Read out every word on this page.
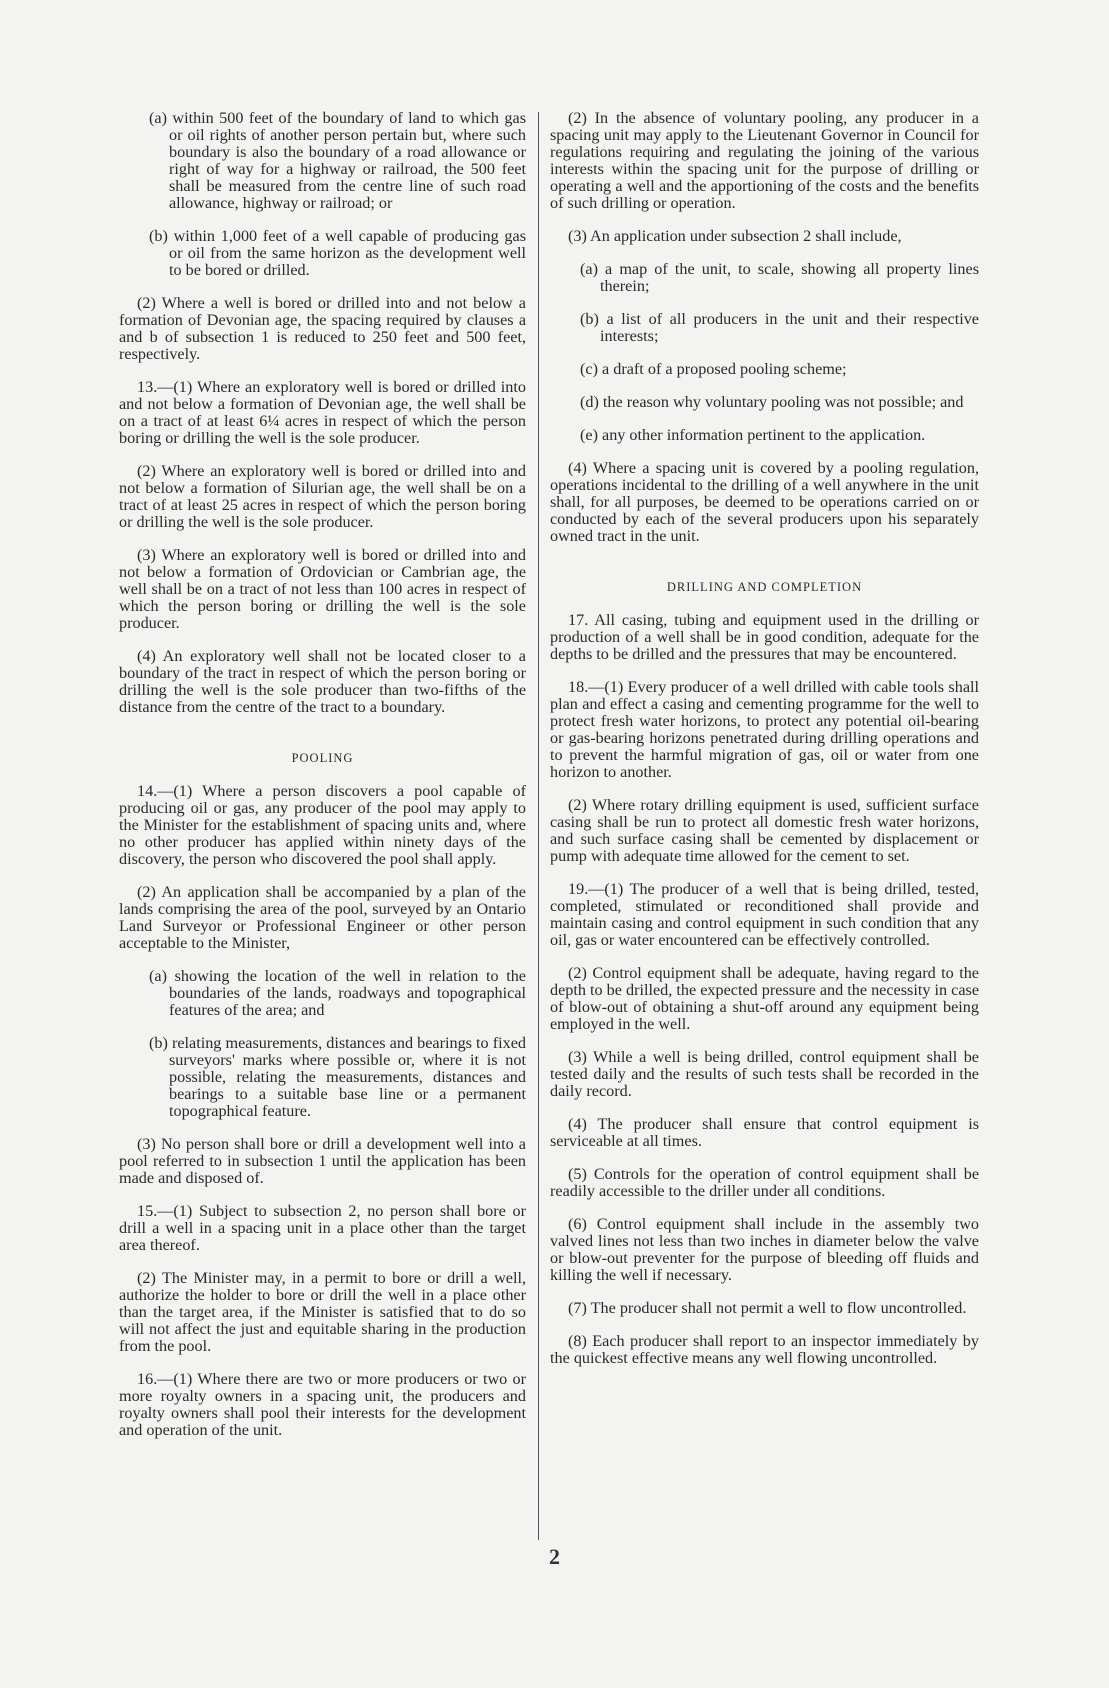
(a) within 500 feet of the boundary of land to which gas or oil rights of another person pertain but, where such boundary is also the boundary of a road allowance or right of way for a highway or railroad, the 500 feet shall be measured from the centre line of such road allowance, highway or railroad; or

(b) within 1,000 feet of a well capable of producing gas or oil from the same horizon as the development well to be bored or drilled.

(2) Where a well is bored or drilled into and not below a formation of Devonian age, the spacing required by clauses a and b of subsection 1 is reduced to 250 feet and 500 feet, respectively.

13.—(1) Where an exploratory well is bored or drilled into and not below a formation of Devonian age, the well shall be on a tract of at least 6¼ acres in respect of which the person boring or drilling the well is the sole producer.

(2) Where an exploratory well is bored or drilled into and not below a formation of Silurian age, the well shall be on a tract of at least 25 acres in respect of which the person boring or drilling the well is the sole producer.

(3) Where an exploratory well is bored or drilled into and not below a formation of Ordovician or Cambrian age, the well shall be on a tract of not less than 100 acres in respect of which the person boring or drilling the well is the sole producer.

(4) An exploratory well shall not be located closer to a boundary of the tract in respect of which the person boring or drilling the well is the sole producer than two-fifths of the distance from the centre of the tract to a boundary.

POOLING

14.—(1) Where a person discovers a pool capable of producing oil or gas, any producer of the pool may apply to the Minister for the establishment of spacing units and, where no other producer has applied within ninety days of the discovery, the person who discovered the pool shall apply.

(2) An application shall be accompanied by a plan of the lands comprising the area of the pool, surveyed by an Ontario Land Surveyor or Professional Engineer or other person acceptable to the Minister,

(a) showing the location of the well in relation to the boundaries of the lands, roadways and topographical features of the area; and

(b) relating measurements, distances and bearings to fixed surveyors' marks where possible or, where it is not possible, relating the measurements, distances and bearings to a suitable base line or a permanent topographical feature.

(3) No person shall bore or drill a development well into a pool referred to in subsection 1 until the application has been made and disposed of.

15.—(1) Subject to subsection 2, no person shall bore or drill a well in a spacing unit in a place other than the target area thereof.

(2) The Minister may, in a permit to bore or drill a well, authorize the holder to bore or drill the well in a place other than the target area, if the Minister is satisfied that to do so will not affect the just and equitable sharing in the production from the pool.

16.—(1) Where there are two or more producers or two or more royalty owners in a spacing unit, the producers and royalty owners shall pool their interests for the development and operation of the unit.

(2) In the absence of voluntary pooling, any producer in a spacing unit may apply to the Lieutenant Governor in Council for regulations requiring and regulating the joining of the various interests within the spacing unit for the purpose of drilling or operating a well and the apportioning of the costs and the benefits of such drilling or operation.

(3) An application under subsection 2 shall include,

(a) a map of the unit, to scale, showing all property lines therein;

(b) a list of all producers in the unit and their respective interests;

(c) a draft of a proposed pooling scheme;

(d) the reason why voluntary pooling was not possible; and

(e) any other information pertinent to the application.

(4) Where a spacing unit is covered by a pooling regulation, operations incidental to the drilling of a well anywhere in the unit shall, for all purposes, be deemed to be operations carried on or conducted by each of the several producers upon his separately owned tract in the unit.

DRILLING AND COMPLETION

17. All casing, tubing and equipment used in the drilling or production of a well shall be in good condition, adequate for the depths to be drilled and the pressures that may be encountered.

18.—(1) Every producer of a well drilled with cable tools shall plan and effect a casing and cementing programme for the well to protect fresh water horizons, to protect any potential oil-bearing or gas-bearing horizons penetrated during drilling operations and to prevent the harmful migration of gas, oil or water from one horizon to another.

(2) Where rotary drilling equipment is used, sufficient surface casing shall be run to protect all domestic fresh water horizons, and such surface casing shall be cemented by displacement or pump with adequate time allowed for the cement to set.

19.—(1) The producer of a well that is being drilled, tested, completed, stimulated or reconditioned shall provide and maintain casing and control equipment in such condition that any oil, gas or water encountered can be effectively controlled.

(2) Control equipment shall be adequate, having regard to the depth to be drilled, the expected pressure and the necessity in case of blow-out of obtaining a shut-off around any equipment being employed in the well.

(3) While a well is being drilled, control equipment shall be tested daily and the results of such tests shall be recorded in the daily record.

(4) The producer shall ensure that control equipment is serviceable at all times.

(5) Controls for the operation of control equipment shall be readily accessible to the driller under all conditions.

(6) Control equipment shall include in the assembly two valved lines not less than two inches in diameter below the valve or blow-out preventer for the purpose of bleeding off fluids and killing the well if necessary.

(7) The producer shall not permit a well to flow uncontrolled.

(8) Each producer shall report to an inspector immediately by the quickest effective means any well flowing uncontrolled.

2
